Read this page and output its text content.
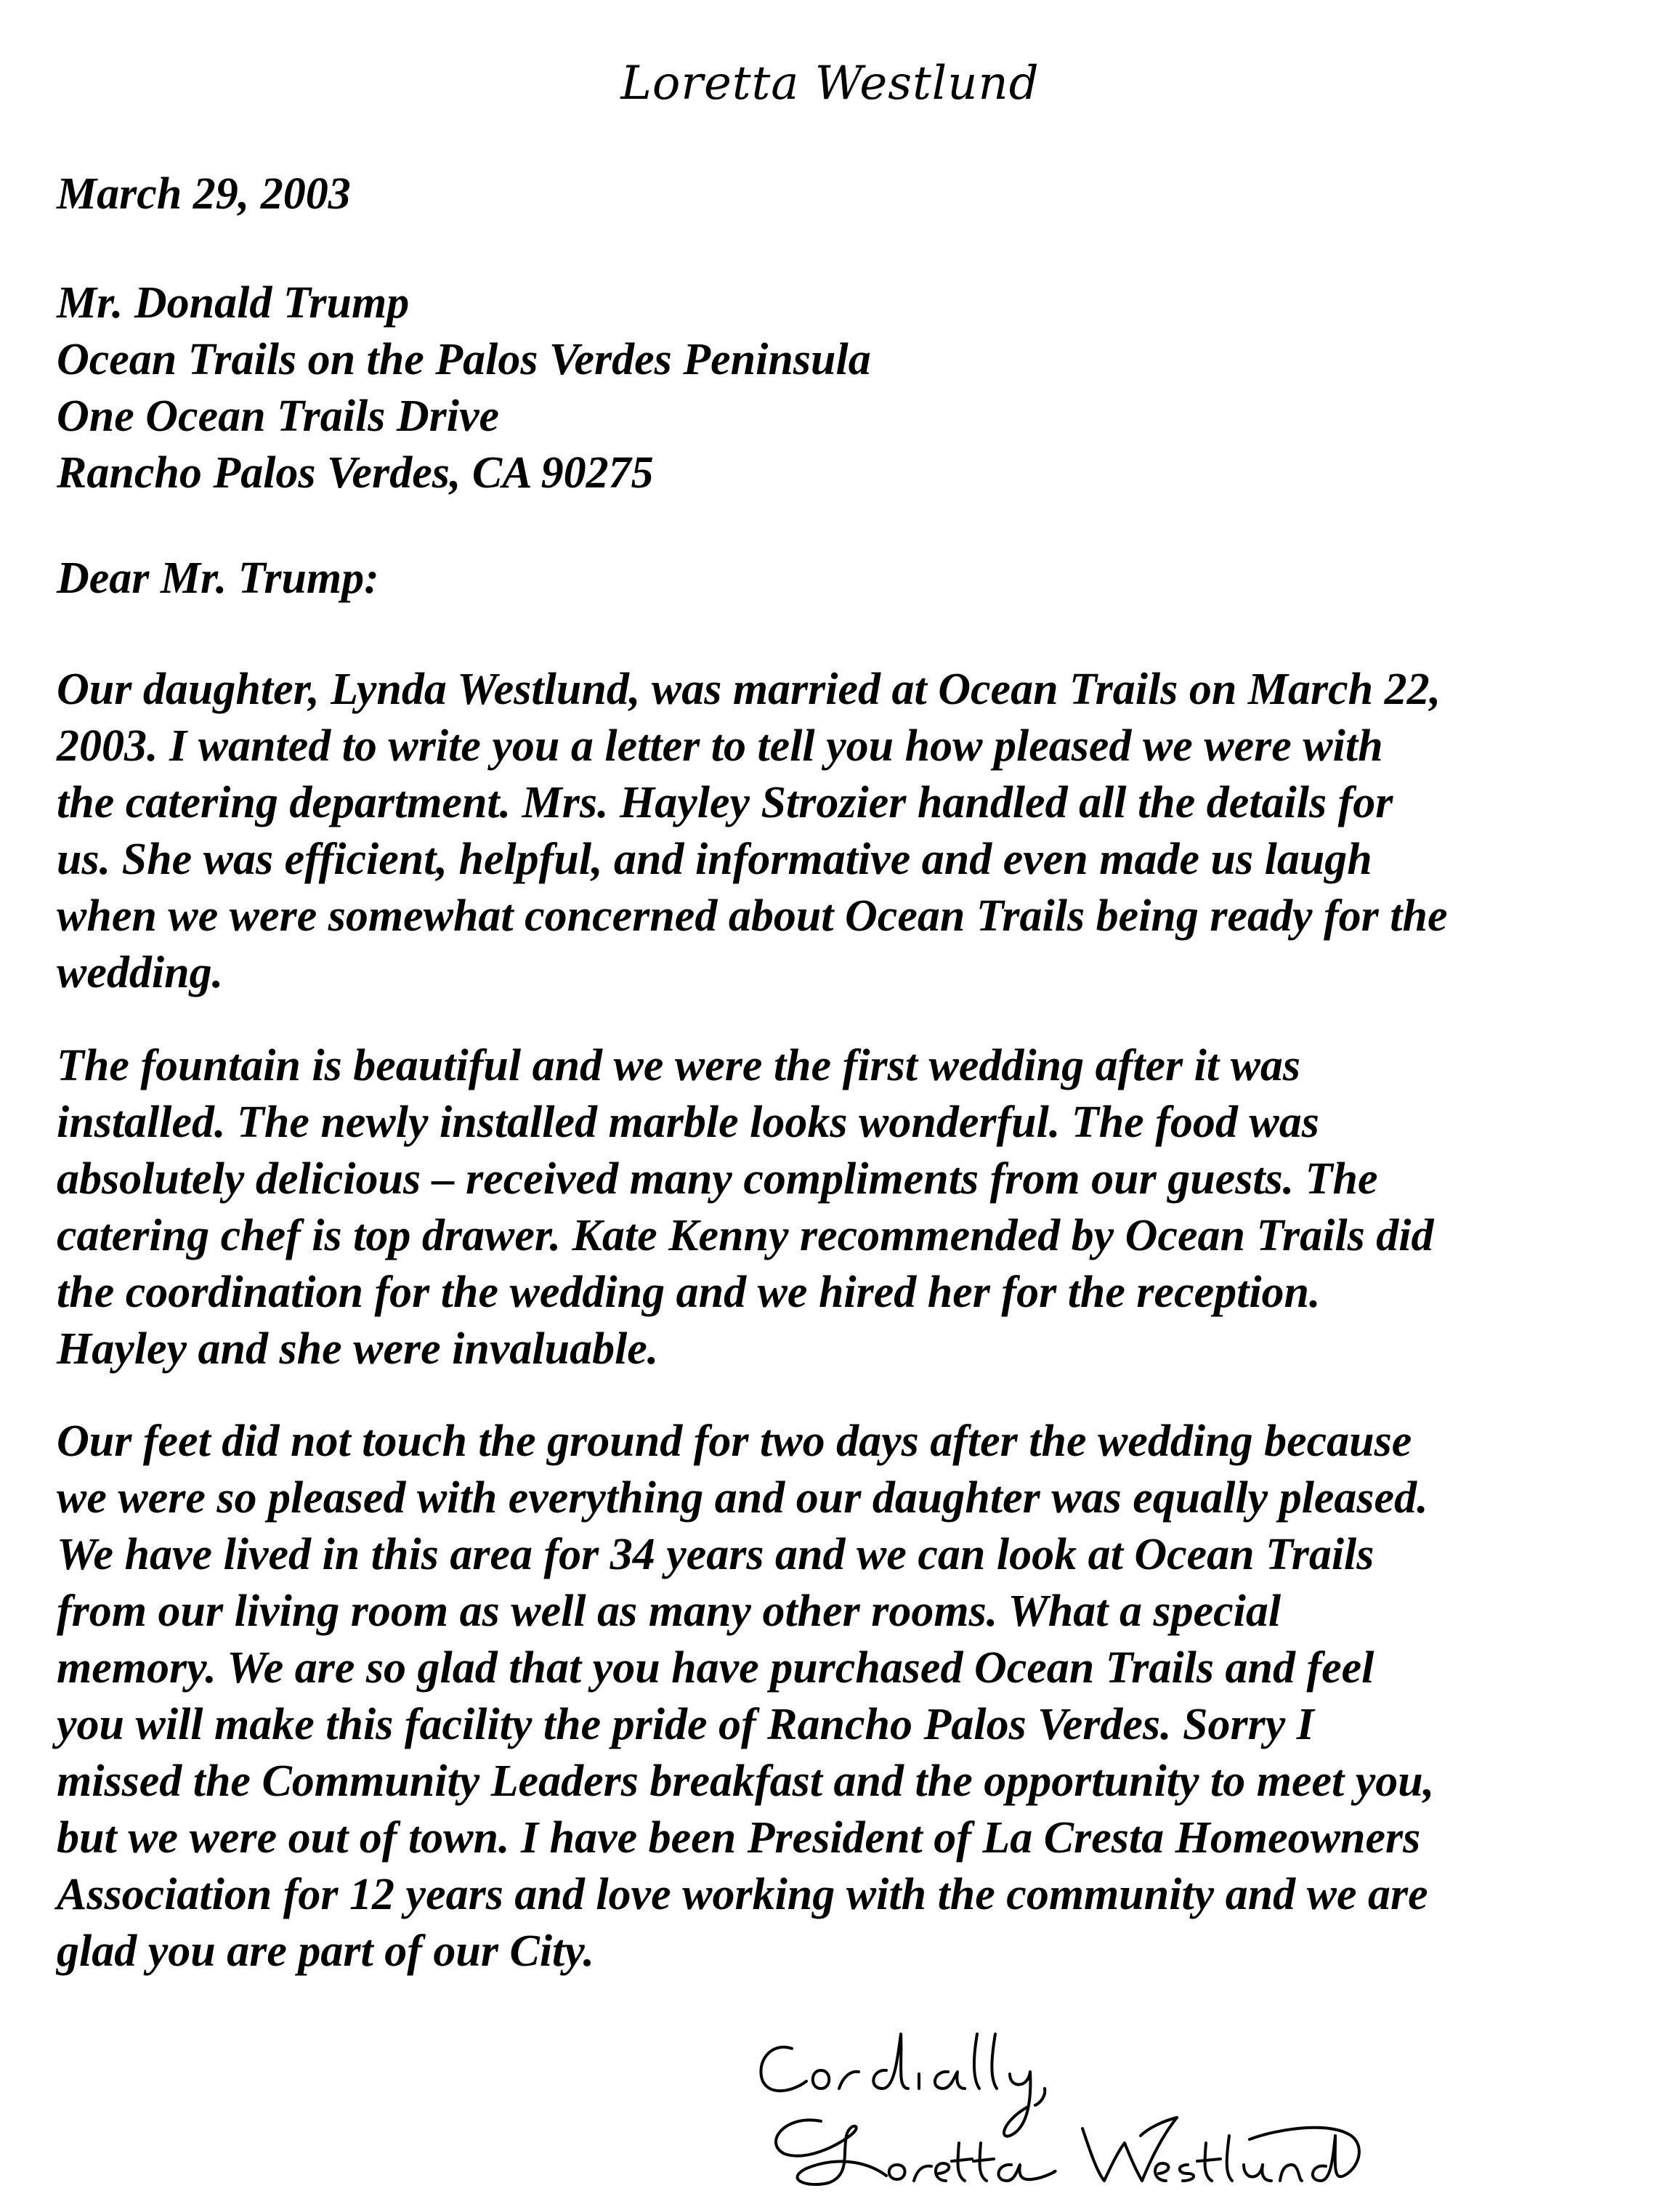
Loretta Westlund
March 29, 2003
Mr. Donald Trump
Ocean Trails on the Palos Verdes Peninsula
One Ocean Trails Drive
Rancho Palos Verdes, CA 90275
Dear Mr. Trump:
Our daughter, Lynda Westlund, was married at Ocean Trails on March 22,
2003. I wanted to write you a letter to tell you how pleased we were with
the catering department. Mrs. Hayley Strozier handled all the details for
us. She was efficient, helpful, and informative and even made us laugh
when we were somewhat concerned about Ocean Trails being ready for the
wedding.
The fountain is beautiful and we were the first wedding after it was
installed. The newly installed marble looks wonderful. The food was
absolutely delicious – received many compliments from our guests. The
catering chef is top drawer. Kate Kenny recommended by Ocean Trails did
the coordination for the wedding and we hired her for the reception.
Hayley and she were invaluable.
Our feet did not touch the ground for two days after the wedding because
we were so pleased with everything and our daughter was equally pleased.
We have lived in this area for 34 years and we can look at Ocean Trails
from our living room as well as many other rooms. What a special
memory. We are so glad that you have purchased Ocean Trails and feel
you will make this facility the pride of Rancho Palos Verdes. Sorry I
missed the Community Leaders breakfast and the opportunity to meet you,
but we were out of town. I have been President of La Cresta Homeowners
Association for 12 years and love working with the community and we are
glad you are part of our City.
